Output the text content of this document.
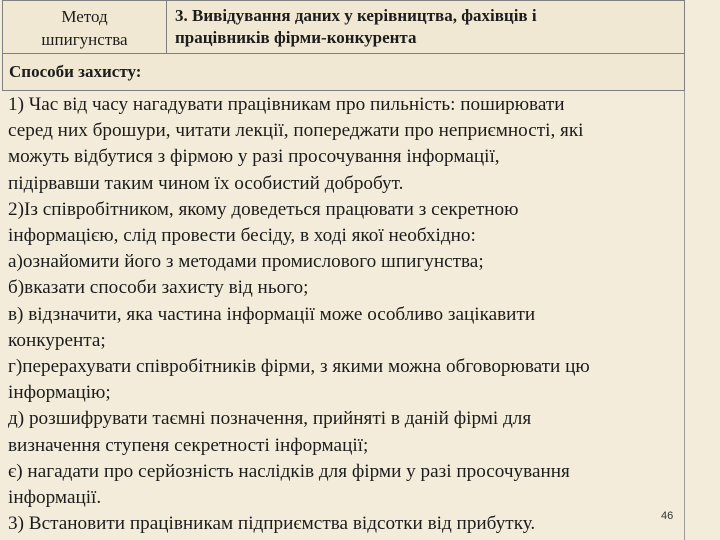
Метод
шпигунства
3. Вивідування даних у керівництва, фахівців і
працівників фірми-конкурента
Способи захисту:
1) Час від часу нагадувати працівникам про пильність: поширювати
серед них брошури, читати лекції, попереджати про неприємності, які
можуть відбутися з фірмою у разі просочування інформації,
підірвавши таким чином їх особистий добробут.
2)Із співробітником, якому доведеться працювати з секретною
інформацією, слід провести бесіду, в ході якої необхідно:
а)ознайомити його з методами промислового шпигунства;
б)вказати способи захисту від нього;
в) відзначити, яка частина інформації може особливо зацікавити
конкурента;
г)перерахувати співробітників фірми, з якими можна обговорювати цю
інформацію;
д) розшифрувати таємні позначення, прийняті в даній фірмі для
визначення ступеня секретності інформації;
є) нагадати про серйозність наслідків для фірми у разі просочування
інформації.
3) Встановити працівникам підприємства відсотки від прибутку.	46
